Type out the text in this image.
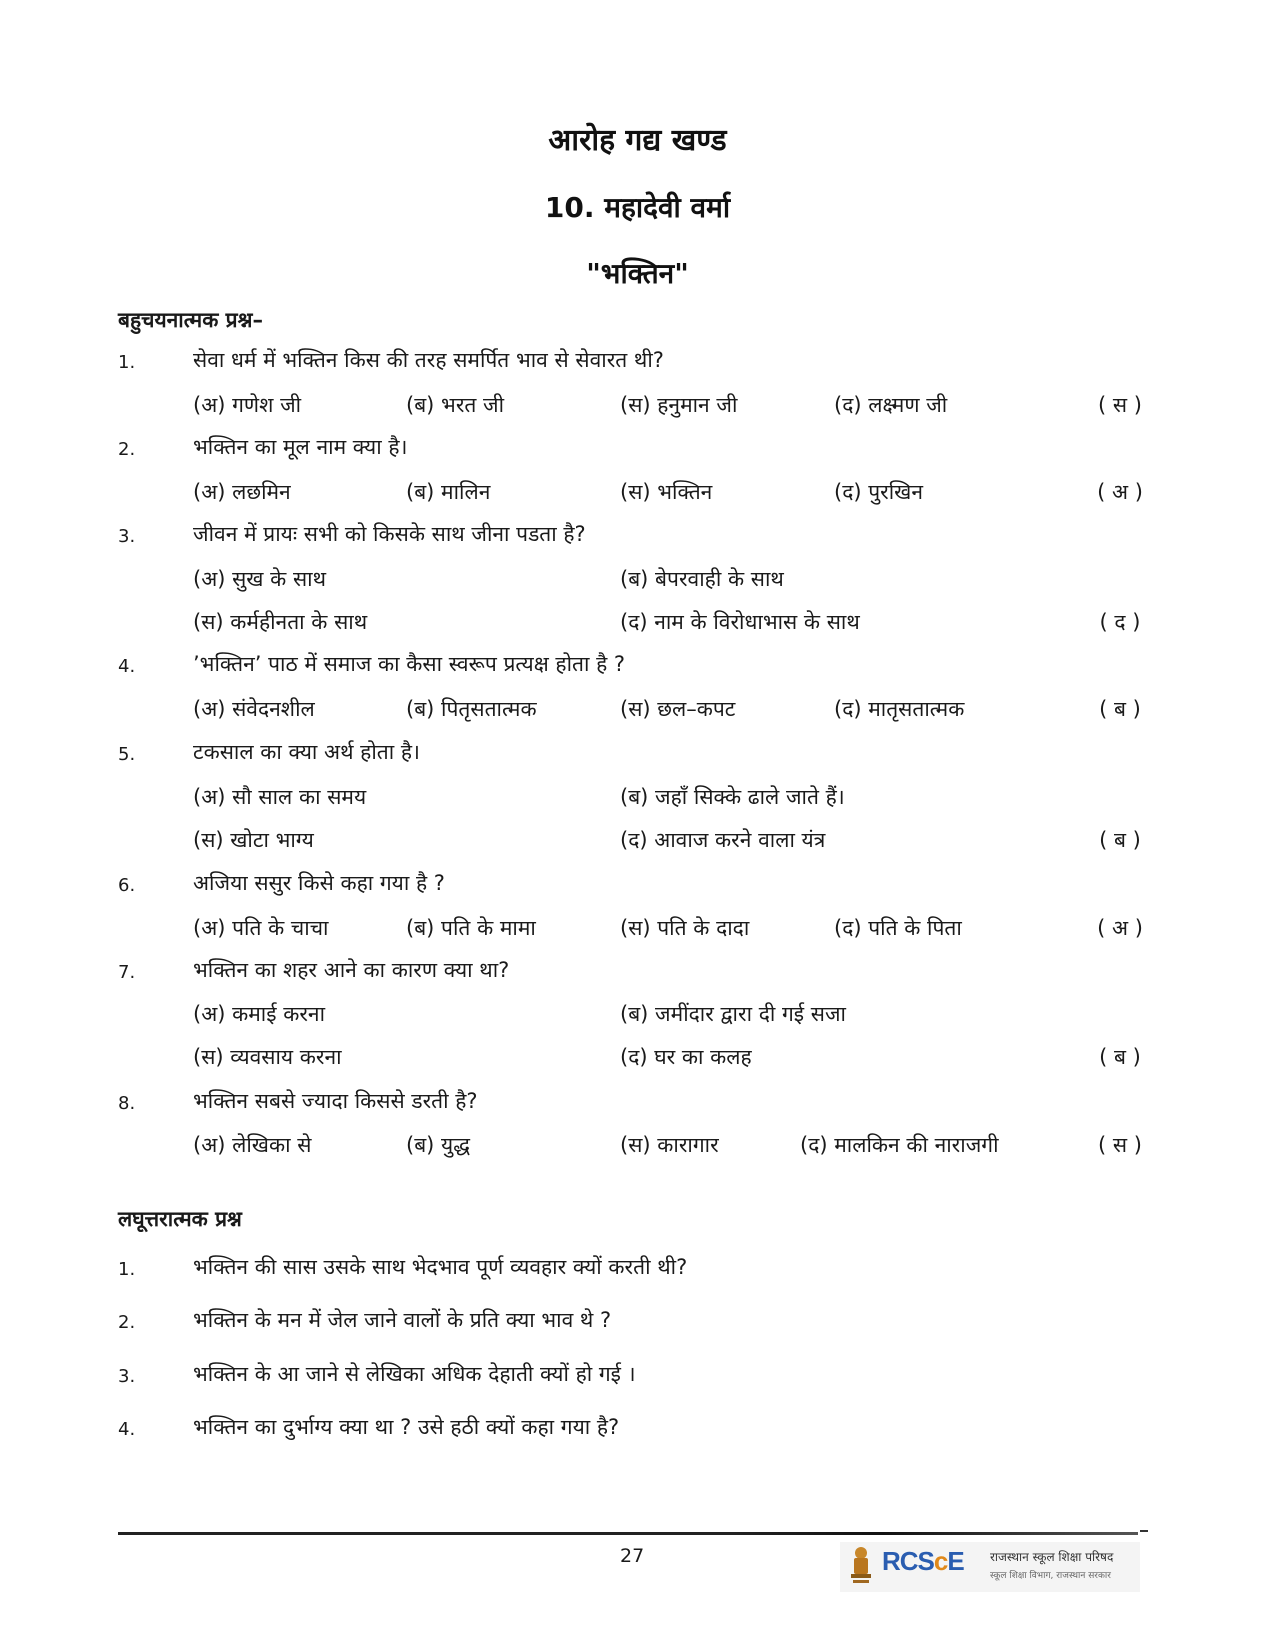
आरोह गद्य खण्ड
10. महादेवी वर्मा
"भक्तिन"
बहुचयनात्मक प्रश्न–
1.	सेवा धर्म में भक्तिन किस की तरह समर्पित भाव से सेवारत थी?
(अ) गणेश जी	(ब) भरत जी	(स) हनुमान जी	(द) लक्ष्मण जी	( स )
2.	भक्तिन का मूल नाम क्या है।
(अ) लछमिन	(ब) मालिन	(स) भक्तिन	(द) पुरखिन	( अ )
3.	जीवन में प्रायः सभी को किसके साथ जीना पडता है?
(अ) सुख के साथ	(ब) बेपरवाही के साथ
(स) कर्महीनता के साथ	(द) नाम के विरोधाभास के साथ	( द )
4.	’भक्तिन’ पाठ में समाज का कैसा स्वरूप प्रत्यक्ष होता है ?
(अ) संवेदनशील	(ब) पितृसतात्मक	(स) छल–कपट	(द) मातृसतात्मक	( ब )
5.	टकसाल का क्या अर्थ होता है।
(अ) सौ साल का समय	(ब) जहाँ सिक्के ढाले जाते हैं।
(स) खोटा भाग्य	(द) आवाज करने वाला यंत्र	( ब )
6.	अजिया ससुर किसे कहा गया है ?
(अ) पति के चाचा	(ब) पति के मामा	(स) पति के दादा	(द) पति के पिता	( अ )
7.	भक्तिन का शहर आने का कारण क्या था?
(अ) कमाई करना	(ब) जमींदार द्वारा दी गई सजा
(स) व्यवसाय करना	(द) घर का कलह	( ब )
8.	भक्तिन सबसे ज्यादा किससे डरती है?
(अ) लेखिका से	(ब) युद्ध	(स) कारागार	(द) मालकिन की नाराजगी	( स )
लघूत्तरात्मक प्रश्न
1.	भक्तिन की सास उसके साथ भेदभाव पूर्ण व्यवहार क्यों करती थी?
2.	भक्तिन के मन में जेल जाने वालों के प्रति क्या भाव थे ?
3.	भक्तिन के आ जाने से लेखिका अधिक देहाती क्यों हो गई ।
4.	भक्तिन का दुर्भाग्य क्या था ? उसे हठी क्यों कहा गया है?
27	RCScE राजस्थान स्कूल शिक्षा परिषद
स्कूल शिक्षा विभाग, राजस्थान सरकार
